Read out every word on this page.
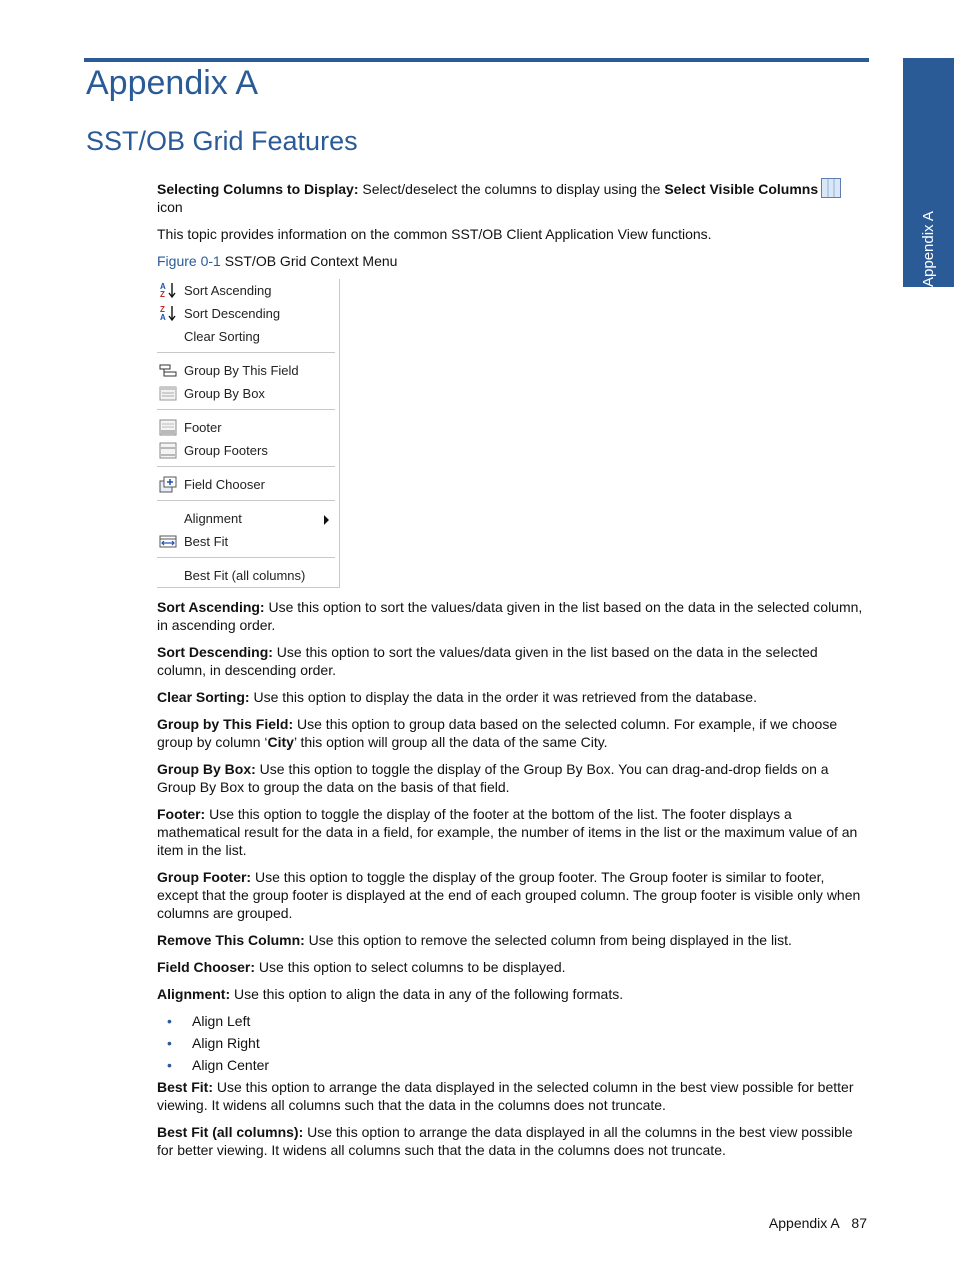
Appendix A
Appendix A
SST/OB Grid Features

Selecting Columns to Display: Select/deselect the columns to display using the Select Visible Columns icon

This topic provides information on the common SST/OB Client Application View functions.

Figure 0-1 SST/OB Grid Context Menu

A
Z Sort Ascending
Z
A Sort Descending
Clear Sorting
Group By This Field
Group By Box
Footer
Group Footers
Field Chooser
Alignment
Best Fit
Best Fit (all columns)

Sort Ascending: Use this option to sort the values/data given in the list based on the data in the selected column, in ascending order.

Sort Descending: Use this option to sort the values/data given in the list based on the data in the selected column, in descending order.

Clear Sorting: Use this option to display the data in the order it was retrieved from the database.

Group by This Field: Use this option to group data based on the selected column. For example, if we choose group by column ‘City’ this option will group all the data of the same City.

Group By Box: Use this option to toggle the display of the Group By Box. You can drag-and-drop fields on a Group By Box to group the data on the basis of that field.

Footer: Use this option to toggle the display of the footer at the bottom of the list. The footer displays a mathematical result for the data in a field, for example, the number of items in the list or the maximum value of an item in the list.

Group Footer: Use this option to toggle the display of the group footer. The Group footer is similar to footer, except that the group footer is displayed at the end of each grouped column. The group footer is visible only when columns are grouped.

Remove This Column: Use this option to remove the selected column from being displayed in the list.

Field Chooser: Use this option to select columns to be displayed.

Alignment: Use this option to align the data in any of the following formats.

• Align Left
• Align Right
• Align Center

Best Fit: Use this option to arrange the data displayed in the selected column in the best view possible for better viewing. It widens all columns such that the data in the columns does not truncate.

Best Fit (all columns): Use this option to arrange the data displayed in all the columns in the best view possible for better viewing. It widens all columns such that the data in the columns does not truncate.

Appendix A 87
